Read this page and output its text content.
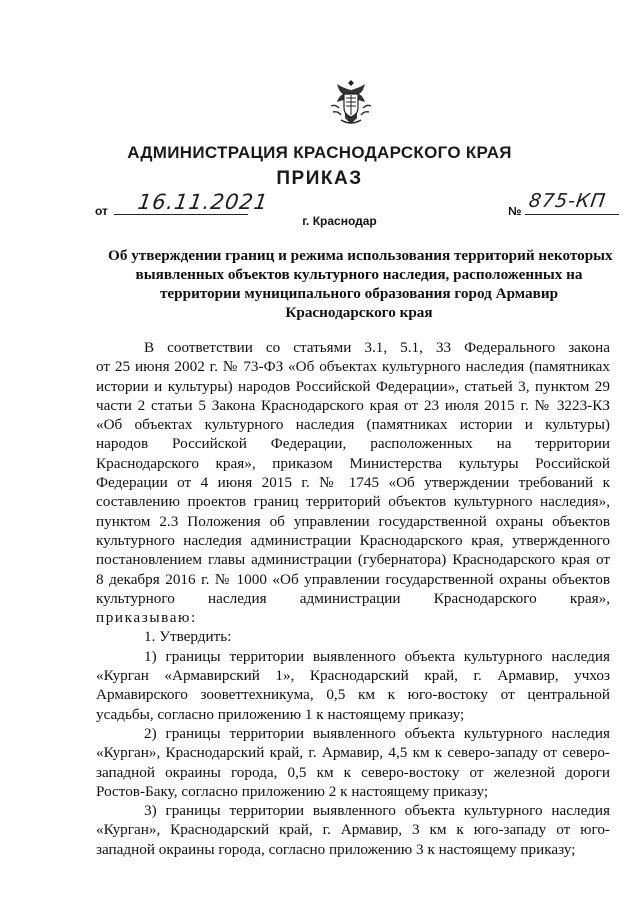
АДМИНИСТРАЦИЯ КРАСНОДАРСКОГО КРАЯ
ПРИКАЗ
от 16.11.2021
г. Краснодар
№ 875-КП
Об утверждении границ и режима использования территорий некоторых
выявленных объектов культурного наследия, расположенных на
территории муниципального образования город Армавир
Краснодарского края
В соответствии со статьями 3.1, 5.1, 33 Федерального закона
от 25 июня 2002 г. № 73-ФЗ «Об объектах культурного наследия (памятниках
истории и культуры) народов Российской Федерации», статьей 3, пунктом 29
части 2 статьи 5 Закона Краснодарского края от 23 июля 2015 г. № 3223-КЗ
«Об объектах культурного наследия (памятниках истории и культуры)
народов Российской Федерации, расположенных на территории
Краснодарского края», приказом Министерства культуры Российской
Федерации от 4 июня 2015 г. № 1745 «Об утверждении требований к
составлению проектов границ территорий объектов культурного наследия»,
пунктом 2.3 Положения об управлении государственной охраны объектов
культурного наследия администрации Краснодарского края, утвержденного
постановлением главы администрации (губернатора) Краснодарского края от
8 декабря 2016 г. № 1000 «Об управлении государственной охраны объектов
культурного наследия администрации Краснодарского края»,
приказываю:
1. Утвердить:
1) границы территории выявленного объекта культурного наследия
«Курган «Армавирский 1», Краснодарский край, г. Армавир, учхоз
Армавирского зооветтехникума, 0,5 км к юго-востоку от центральной
усадьбы, согласно приложению 1 к настоящему приказу;
2) границы территории выявленного объекта культурного наследия
«Курган», Краснодарский край, г. Армавир, 4,5 км к северо-западу от северо-
западной окраины города, 0,5 км к северо-востоку от железной дороги
Ростов-Баку, согласно приложению 2 к настоящему приказу;
3) границы территории выявленного объекта культурного наследия
«Курган», Краснодарский край, г. Армавир, 3 км к юго-западу от юго-
западной окраины города, согласно приложению 3 к настоящему приказу;
